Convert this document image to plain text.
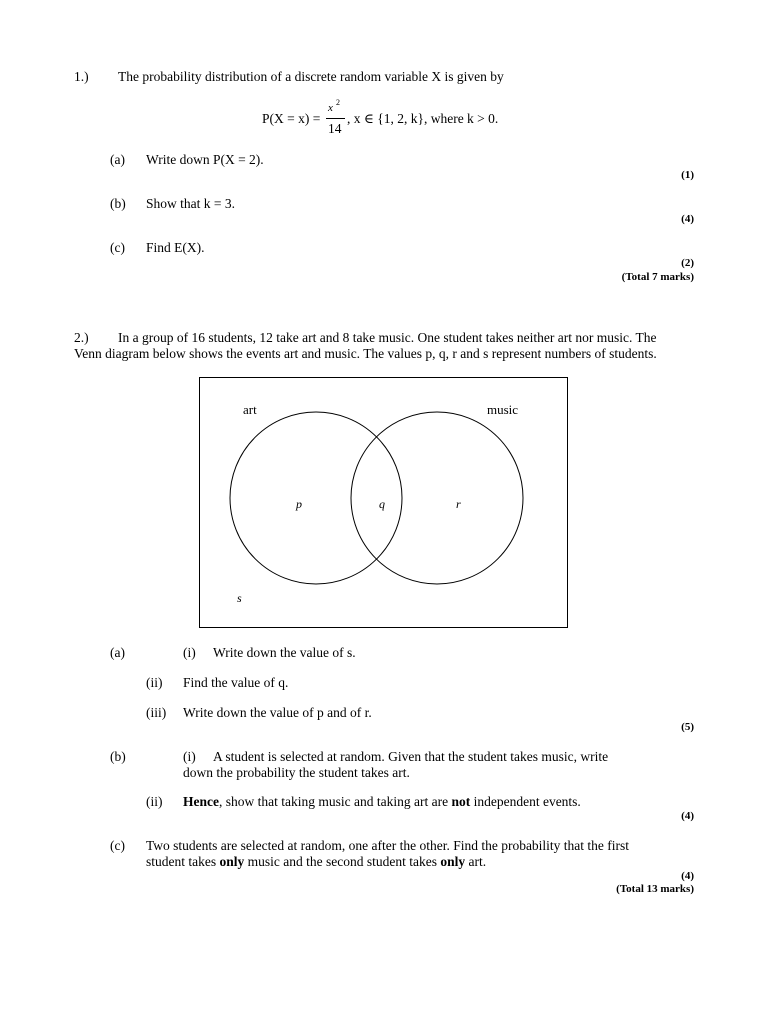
1.) The probability distribution of a discrete random variable X is given by
P(X = x) =
x 2
14
, x ∈ {1, 2, k}, where k > 0.
(a) Write down P(X = 2).
(1)
(b) Show that k = 3.
(4)
(c) Find E(X).
(2)
(Total 7 marks)
2.) In a group of 16 students, 12 take art and 8 take music. One student takes neither art nor music. The
Venn diagram below shows the events art and music. The values p, q, r and s represent numbers of students.
art	music
p	q	r
s
(a)	(i) Write down the value of s.
(ii) Find the value of q.
(iii) Write down the value of p and of r.
(5)
(b)	(i) A student is selected at random. Given that the student takes music, write
down the probability the student takes art.
(ii) Hence, show that taking music and taking art are not independent events.
(4)
(c) Two students are selected at random, one after the other. Find the probability that the first
student takes only music and the second student takes only art.
(4)
(Total 13 marks)
